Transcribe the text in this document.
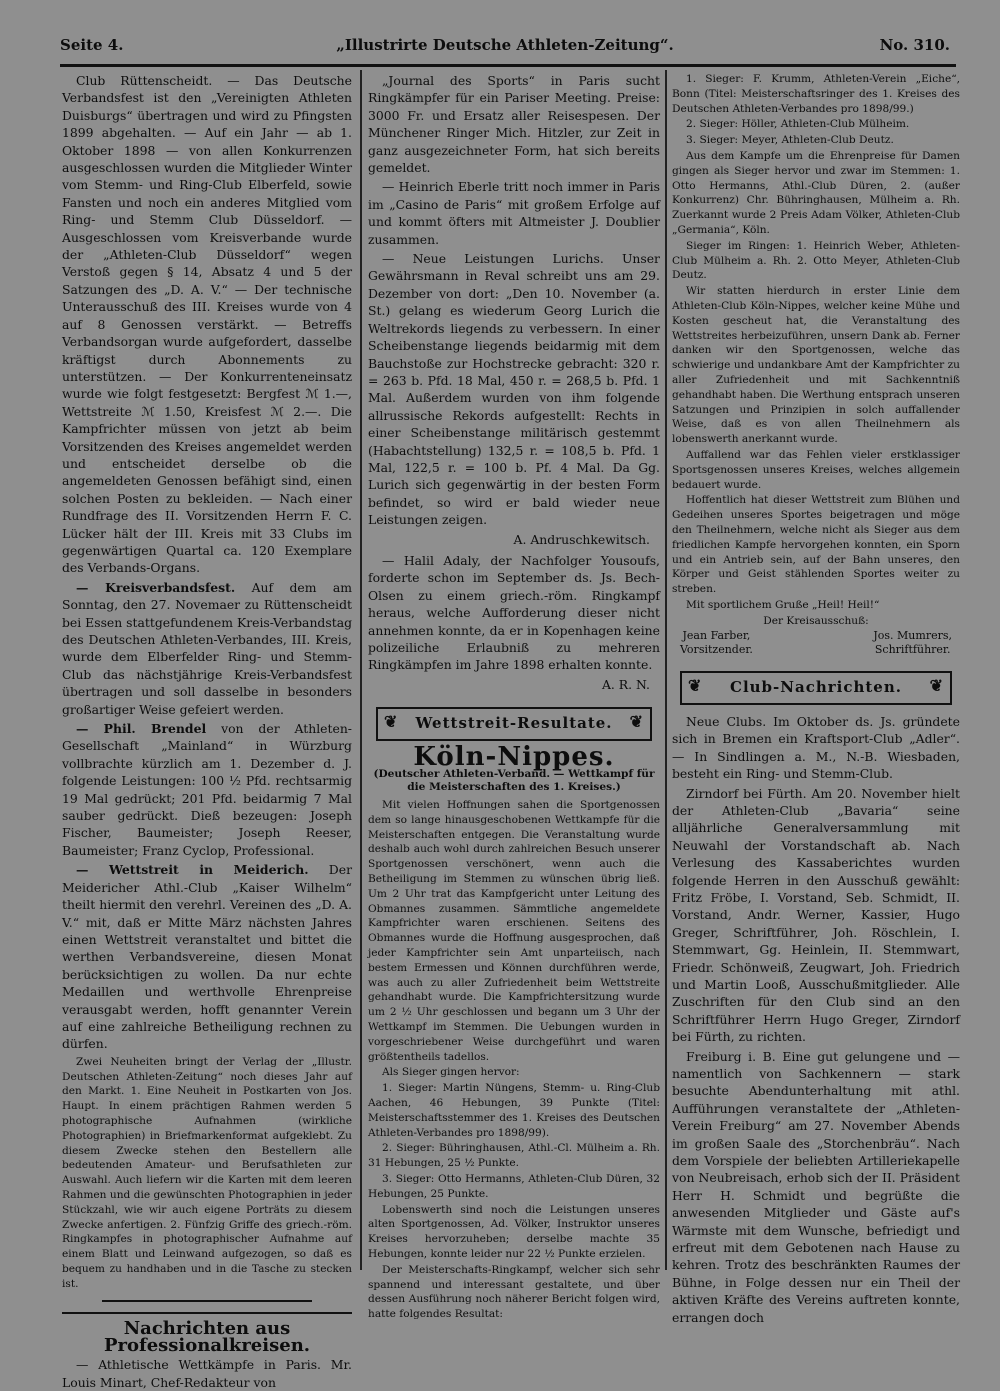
Seite 4.	„Illustrirte Deutsche Athleten-Zeitung“.	No. 310.

Club Rüttenscheidt. — Das Deutsche Verbandsfest ist den „Vereinigten Athleten Duisburgs“ übertragen und wird zu Pfingsten 1899 abgehalten. — Auf ein Jahr — ab 1. Oktober 1898 — von allen Konkurrenzen ausgeschlossen wurden die Mitglieder Winter vom Stemm- und Ring-Club Elberfeld, sowie Fansten und noch ein anderes Mitglied vom Ring- und Stemm Club Düsseldorf. — Ausgeschlossen vom Kreisverbande wurde der „Athleten-Club Düsseldorf“ wegen Verstoß gegen § 14, Absatz 4 und 5 der Satzungen des „D. A. V.“ — Der technische Unterausschuß des III. Kreises wurde von 4 auf 8 Genossen verstärkt. — Betreffs Verbandsorgan wurde aufgefordert, dasselbe kräftigst durch Abonnements zu unterstützen. — Der Konkurrenteneinsatz wurde wie folgt festgesetzt: Bergfest ℳ 1.—, Wettstreite ℳ 1.50, Kreisfest ℳ 2.—. Die Kampfrichter müssen von jetzt ab beim Vorsitzenden des Kreises angemeldet werden und entscheidet derselbe ob die angemeldeten Genossen befähigt sind, einen solchen Posten zu bekleiden. — Nach einer Rundfrage des II. Vorsitzenden Herrn F. C. Lücker hält der III. Kreis mit 33 Clubs im gegenwärtigen Quartal ca. 120 Exemplare des Verbands-Organs.

— Kreisverbandsfest. Auf dem am Sonntag, den 27. Novemaer zu Rüttenscheidt bei Essen stattgefundenem Kreis-Verbandstag des Deutschen Athleten-Verbandes, III. Kreis, wurde dem Elberfelder Ring- und Stemm-Club das nächstjährige Kreis-Verbandsfest übertragen und soll dasselbe in besonders großartiger Weise gefeiert werden.

— Phil. Brendel von der Athleten-Gesellschaft „Mainland“ in Würzburg vollbrachte kürzlich am 1. Dezember d. J. folgende Leistungen: 100 ½ Pfd. rechtsarmig 19 Mal gedrückt; 201 Pfd. beidarmig 7 Mal sauber gedrückt. Dieß bezeugen: Joseph Fischer, Baumeister; Joseph Reeser, Baumeister; Franz Cyclop, Professional.

— Wettstreit in Meiderich. Der Meidericher Athl.-Club „Kaiser Wilhelm“ theilt hiermit den verehrl. Vereinen des „D. A. V.“ mit, daß er Mitte März nächsten Jahres einen Wettstreit veranstaltet und bittet die werthen Verbandsvereine, diesen Monat berücksichtigen zu wollen. Da nur echte Medaillen und werthvolle Ehrenpreise verausgabt werden, hofft genannter Verein auf eine zahlreiche Betheiligung rechnen zu dürfen.

Zwei Neuheiten bringt der Verlag der „Illustr. Deutschen Athleten-Zeitung“ noch dieses Jahr auf den Markt. 1. Eine Neuheit in Postkarten von Jos. Haupt. In einem prächtigen Rahmen werden 5 photographische Aufnahmen (wirkliche Photographien) in Briefmarkenformat aufgeklebt. Zu diesem Zwecke stehen den Bestellern alle bedeutenden Amateur- und Berufsathleten zur Auswahl. Auch liefern wir die Karten mit dem leeren Rahmen und die gewünschten Photographien in jeder Stückzahl, wie wir auch eigene Porträts zu diesem Zwecke anfertigen. 2. Fünfzig Griffe des griech.-röm. Ringkampfes in photographischer Aufnahme auf einem Blatt und Leinwand aufgezogen, so daß es bequem zu handhaben und in die Tasche zu stecken ist.

Nachrichten aus Professionalkreisen.

— Athletische Wettkämpfe in Paris. Mr. Louis Minart, Chef-Redakteur von

„Journal des Sports“ in Paris sucht Ringkämpfer für ein Pariser Meeting. Preise: 3000 Fr. und Ersatz aller Reisespesen. Der Münchener Ringer Mich. Hitzler, zur Zeit in ganz ausgezeichneter Form, hat sich bereits gemeldet.

— Heinrich Eberle tritt noch immer in Paris im „Casino de Paris“ mit großem Erfolge auf und kommt öfters mit Altmeister J. Doublier zusammen.

— Neue Leistungen Lurichs. Unser Gewährsmann in Reval schreibt uns am 29. Dezember von dort: „Den 10. November (a. St.) gelang es wiederum Georg Lurich die Weltrekords liegends zu verbessern. In einer Scheibenstange liegends beidarmig mit dem Bauchstoße zur Hochstrecke gebracht: 320 r. = 263 b. Pfd. 18 Mal, 450 r. = 268,5 b. Pfd. 1 Mal. Außerdem wurden von ihm folgende allrussische Rekords aufgestellt: Rechts in einer Scheibenstange militärisch gestemmt (Habachtstellung) 132,5 r. = 108,5 b. Pfd. 1 Mal, 122,5 r. = 100 b. Pf. 4 Mal. Da Gg. Lurich sich gegenwärtig in der besten Form befindet, so wird er bald wieder neue Leistungen zeigen.

A. Andruschkewitsch.

— Halil Adaly, der Nachfolger Yousoufs, forderte schon im September ds. Js. Bech-Olsen zu einem griech.-röm. Ringkampf heraus, welche Aufforderung dieser nicht annehmen konnte, da er in Kopenhagen keine polizeiliche Erlaubniß zu mehreren Ringkämpfen im Jahre 1898 erhalten konnte.

A. R. N.

❦ Wettstreit-Resultate. ❦
Köln-Nippes.
(Deutscher Athleten-Verband. — Wettkampf für die Meisterschaften des 1. Kreises.)

Mit vielen Hoffnungen sahen die Sportgenossen dem so lange hinausgeschobenen Wettkampfe für die Meisterschaften entgegen. Die Veranstaltung wurde deshalb auch wohl durch zahlreichen Besuch unserer Sportgenossen verschönert, wenn auch die Betheiligung im Stemmen zu wünschen übrig ließ. Um 2 Uhr trat das Kampfgericht unter Leitung des Obmannes zusammen. Sämmtliche angemeldete Kampfrichter waren erschienen. Seitens des Obmannes wurde die Hoffnung ausgesprochen, daß jeder Kampfrichter sein Amt unparteiisch, nach bestem Ermessen und Können durchführen werde, was auch zu aller Zufriedenheit beim Wettstreite gehandhabt wurde. Die Kampfrichtersitzung wurde um 2 ½ Uhr geschlossen und begann um 3 Uhr der Wettkampf im Stemmen. Die Uebungen wurden in vorgeschriebener Weise durchgeführt und waren größtentheils tadellos.

Als Sieger gingen hervor:

1. Sieger: Martin Nüngens, Stemm- u. Ring-Club Aachen, 46 Hebungen, 39 Punkte (Titel: Meisterschaftsstemmer des 1. Kreises des Deutschen Athleten-Verbandes pro 1898/99).

2. Sieger: Bühringhausen, Athl.-Cl. Mülheim a. Rh. 31 Hebungen, 25 ½ Punkte.

3. Sieger: Otto Hermanns, Athleten-Club Düren, 32 Hebungen, 25 Punkte.

Lobenswerth sind noch die Leistungen unseres alten Sportgenossen, Ad. Völker, Instruktor unseres Kreises hervorzuheben; derselbe machte 35 Hebungen, konnte leider nur 22 ½ Punkte erzielen.

Der Meisterschafts-Ringkampf, welcher sich sehr spannend und interessant gestaltete, und über dessen Ausführung noch näherer Bericht folgen wird, hatte folgendes Resultat:

1. Sieger: F. Krumm, Athleten-Verein „Eiche“, Bonn (Titel: Meisterschaftsringer des 1. Kreises des Deutschen Athleten-Verbandes pro 1898/99.)

2. Sieger: Höller, Athleten-Club Mülheim.

3. Sieger: Meyer, Athleten-Club Deutz.

Aus dem Kampfe um die Ehrenpreise für Damen gingen als Sieger hervor und zwar im Stemmen: 1. Otto Hermanns, Athl.-Club Düren, 2. (außer Konkurrenz) Chr. Bühringhausen, Mülheim a. Rh. Zuerkannt wurde 2 Preis Adam Völker, Athleten-Club „Germania“, Köln.

Sieger im Ringen: 1. Heinrich Weber, Athleten-Club Mülheim a. Rh. 2. Otto Meyer, Athleten-Club Deutz.

Wir statten hierdurch in erster Linie dem Athleten-Club Köln-Nippes, welcher keine Mühe und Kosten gescheut hat, die Veranstaltung des Wettstreites herbeizuführen, unsern Dank ab. Ferner danken wir den Sportgenossen, welche das schwierige und undankbare Amt der Kampfrichter zu aller Zufriedenheit und mit Sachkenntniß gehandhabt haben. Die Werthung entsprach unseren Satzungen und Prinzipien in solch auffallender Weise, daß es von allen Theilnehmern als lobenswerth anerkannt wurde.

Auffallend war das Fehlen vieler erstklassiger Sportsgenossen unseres Kreises, welches allgemein bedauert wurde.

Hoffentlich hat dieser Wettstreit zum Blühen und Gedeihen unseres Sportes beigetragen und möge den Theilnehmern, welche nicht als Sieger aus dem friedlichen Kampfe hervorgehen konnten, ein Sporn und ein Antrieb sein, auf der Bahn unseres, den Körper und Geist stählenden Sportes weiter zu streben.

Mit sportlichem Gruße „Heil! Heil!“

Der Kreisausschuß:

Jean Farber,
Vorsitzender.
Jos. Mumrers,
Schriftführer.
❦ Club-Nachrichten. ❦

Neue Clubs. Im Oktober ds. Js. gründete sich in Bremen ein Kraftsport-Club „Adler“. — In Sindlingen a. M., N.-B. Wiesbaden, besteht ein Ring- und Stemm-Club.

Zirndorf bei Fürth. Am 20. November hielt der Athleten-Club „Bavaria“ seine alljährliche Generalversammlung mit Neuwahl der Vorstandschaft ab. Nach Verlesung des Kassaberichtes wurden folgende Herren in den Ausschuß gewählt: Fritz Fröbe, I. Vorstand, Seb. Schmidt, II. Vorstand, Andr. Werner, Kassier, Hugo Greger, Schriftführer, Joh. Röschlein, I. Stemmwart, Gg. Heinlein, II. Stemmwart, Friedr. Schönweiß, Zeugwart, Joh. Friedrich und Martin Looß, Ausschußmitglieder. Alle Zuschriften für den Club sind an den Schriftführer Herrn Hugo Greger, Zirndorf bei Fürth, zu richten.

Freiburg i. B. Eine gut gelungene und — namentlich von Sachkennern — stark besuchte Abendunterhaltung mit athl. Aufführungen veranstaltete der „Athleten-Verein Freiburg“ am 27. November Abends im großen Saale des „Storchenbräu“. Nach dem Vorspiele der beliebten Artilleriekapelle von Neubreisach, erhob sich der II. Präsident Herr H. Schmidt und begrüßte die anwesenden Mitglieder und Gäste auf's Wärmste mit dem Wunsche, befriedigt und erfreut mit dem Gebotenen nach Hause zu kehren. Trotz des beschränkten Raumes der Bühne, in Folge dessen nur ein Theil der aktiven Kräfte des Vereins auftreten konnte, errangen doch
